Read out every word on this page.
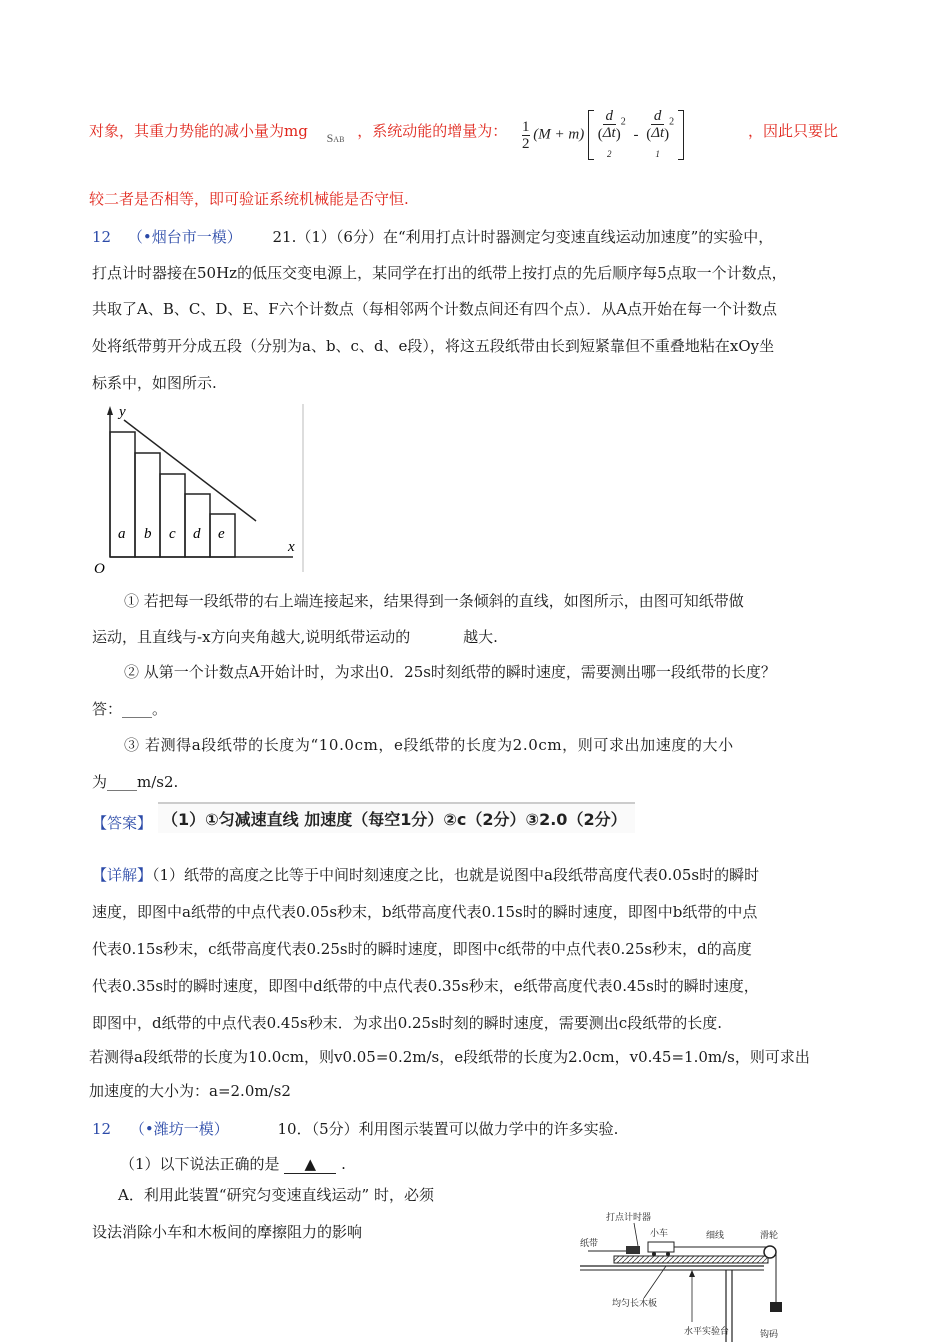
对象，其重力势能的减小量为mg $_{SAB}$ ，系统动能的增量为： $\frac{1}{2} (M + m)$ ( d
Δt
$_2$ )$^2$ - ( d
Δt
$_1$ )$^2$
，因此只要比
较二者是否相等，即可验证系统机械能是否守恒.
12 （•烟台市一模） 21.（1）（6分）在“利用打点计时器测定匀变速直线运动加速度”的实验中，
打点计时器接在50Hz的低压交变电源上，某同学在打出的纸带上按打点的先后顺序每5点取一个计数点，
共取了A、B、C、D、E、F六个计数点（每相邻两个计数点间还有四个点）．从A点开始在每一个计数点
处将纸带剪开分成五段（分别为a、b、c、d、e段），将这五段纸带由长到短紧靠但不重叠地粘在xOy坐
标系中，如图所示.
y
x
O
a b c d e
① 若把每一段纸带的右上端连接起来，结果得到一条倾斜的直线，如图所示，由图可知纸带做
运动，且直线与-x方向夹角越大,说明纸带运动的	越大.
② 从第一个计数点A开始计时，为求出0．25s时刻纸带的瞬时速度，需要测出哪一段纸带的长度？
答：____。
③ 若测得a段纸带的长度为“10.0cm，e段纸带的长度为2.0cm，则可求出加速度的大小
为____m/s2.
【答案】 （1）①匀减速直线 加速度（每空1分）②c（2分）③2.0（2分）
【详解】（1）纸带的高度之比等于中间时刻速度之比，也就是说图中a段纸带高度代表0.05s时的瞬时
速度，即图中a纸带的中点代表0.05s秒末，b纸带高度代表0.15s时的瞬时速度，即图中b纸带的中点
代表0.15s秒末，c纸带高度代表0.25s时的瞬时速度，即图中c纸带的中点代表0.25s秒末，d的高度
代表0.35s时的瞬时速度，即图中d纸带的中点代表0.35s秒末，e纸带高度代表0.45s时的瞬时速度，
即图中，d纸带的中点代表0.45s秒末．为求出0.25s时刻的瞬时速度，需要测出c段纸带的长度.
若测得a段纸带的长度为10.0cm，则v0.05=0.2m/s，e段纸带的长度为2.0cm，v0.45=1.0m/s，则可求出
加速度的大小为：a=2.0m/s2
12 （•潍坊一模）	10．（5分）利用图示装置可以做力学中的许多实验.
（1）以下说法正确的是 ▲ .
A．利用此装置“研究匀变速直线运动” 时，必须
设法消除小车和木板间的摩擦阻力的影响
打点计时器
小车	细线	滑轮
纸带
均匀长木板
水平实验台	钩码
